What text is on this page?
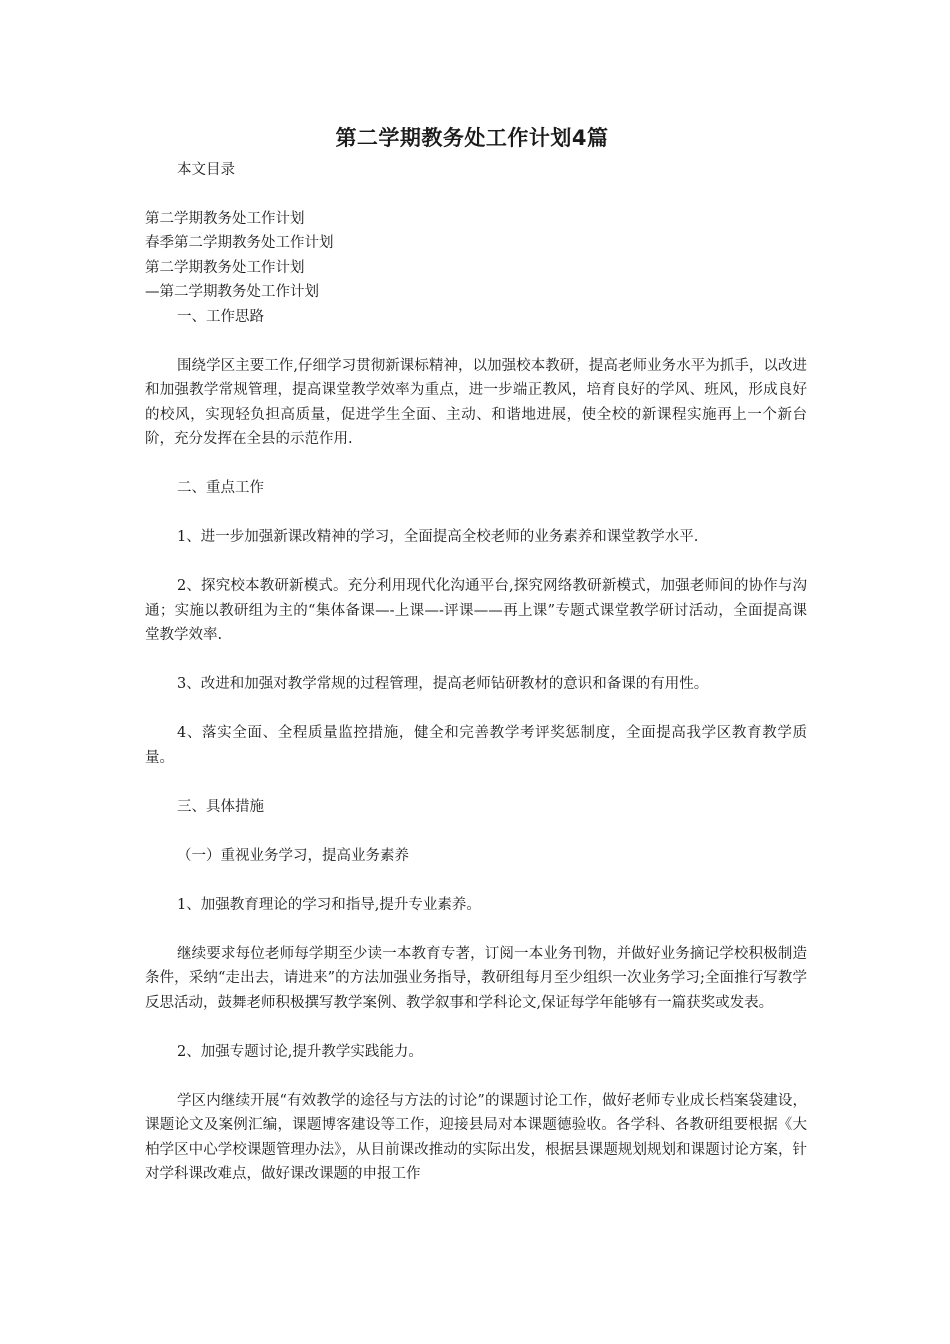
第二学期教务处工作计划4篇

本文目录

第二学期教务处工作计划
春季第二学期教务处工作计划
第二学期教务处工作计划
—第二学期教务处工作计划

一、工作思路

围绕学区主要工作,仔细学习贯彻新课标精神，以加强校本教研，提高老师业务水平为抓手，以改进和加强教学常规管理，提高课堂教学效率为重点，进一步端正教风，培育良好的学风、班风，形成良好的校风，实现轻负担高质量，促进学生全面、主动、和谐地进展，使全校的新课程实施再上一个新台阶，充分发挥在全县的示范作用.

二、重点工作

1、进一步加强新课改精神的学习，全面提高全校老师的业务素养和课堂教学水平.

2、探究校本教研新模式。充分利用现代化沟通平台,探究网络教研新模式，加强老师间的协作与沟通；实施以教研组为主的“集体备课—-上课—-评课——再上课”专题式课堂教学研讨活动，全面提高课堂教学效率.

3、改进和加强对教学常规的过程管理，提高老师钻研教材的意识和备课的有用性。

4、落实全面、全程质量监控措施，健全和完善教学考评奖惩制度，全面提高我学区教育教学质量。

三、具体措施

（一）重视业务学习，提高业务素养

1、加强教育理论的学习和指导,提升专业素养。

继续要求每位老师每学期至少读一本教育专著，订阅一本业务刊物，并做好业务摘记学校积极制造条件，采纳“走出去，请进来”的方法加强业务指导，教研组每月至少组织一次业务学习;全面推行写教学反思活动，鼓舞老师积极撰写教学案例、教学叙事和学科论文,保证每学年能够有一篇获奖或发表。

2、加强专题讨论,提升教学实践能力。

学区内继续开展“有效教学的途径与方法的讨论”的课题讨论工作，做好老师专业成长档案袋建设，课题论文及案例汇编，课题博客建设等工作，迎接县局对本课题德验收。各学科、各教研组要根据《大柏学区中心学校课题管理办法》，从目前课改推动的实际出发，根据县课题规划规划和课题讨论方案，针对学科课改难点，做好课改课题的申报工作
